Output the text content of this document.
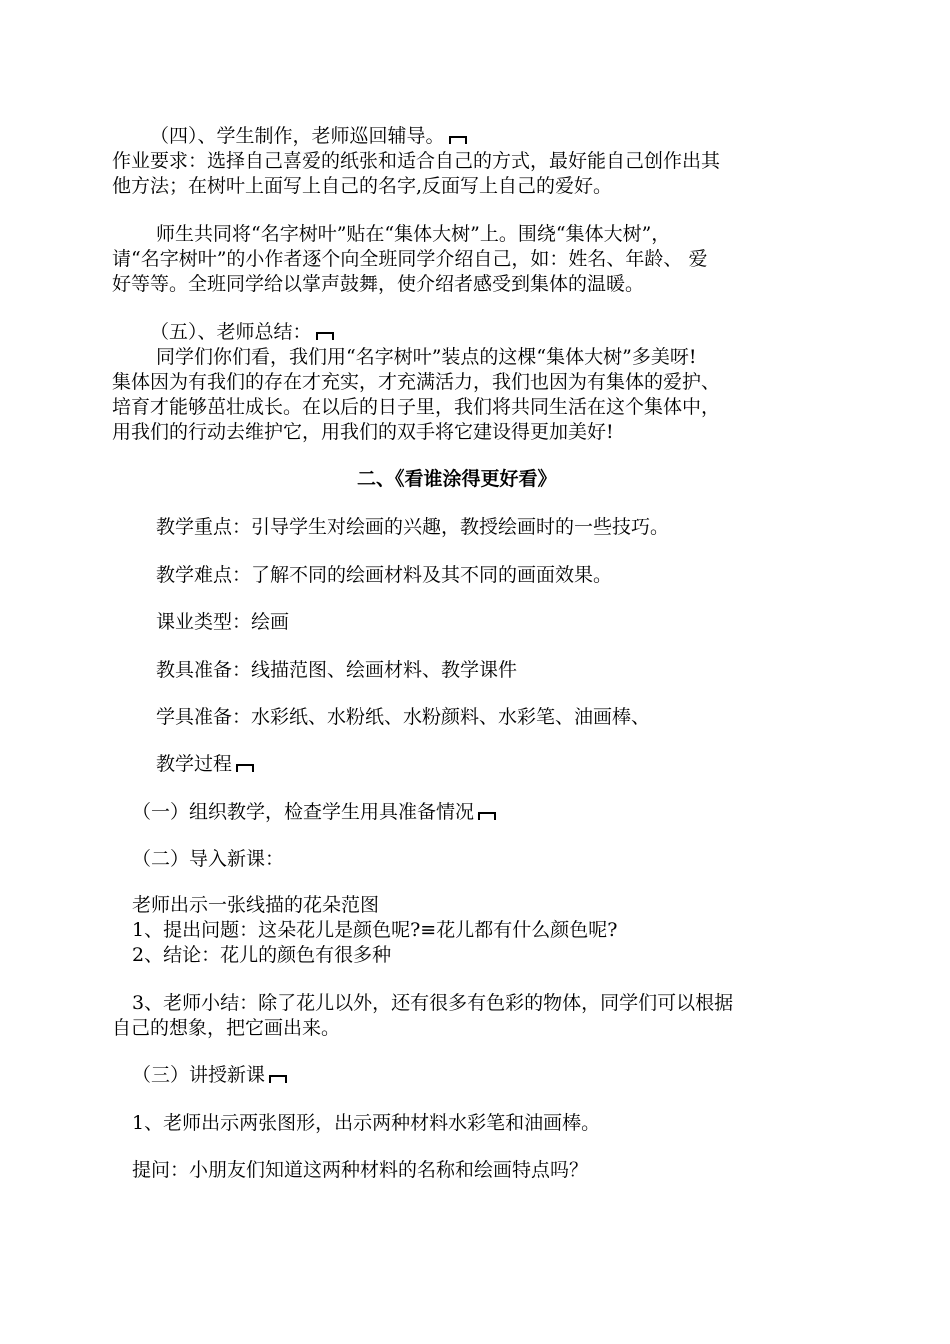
（四）、学生制作，老师巡回辅导。
作业要求：选择自己喜爱的纸张和适合自己的方式，最好能自己创作出其
他方法；在树叶上面写上自己的名字,反面写上自己的爱好。
师生共同将“名字树叶”贴在“集体大树”上。围绕“集体大树”，
请“名字树叶”的小作者逐个向全班同学介绍自己，如：姓名、年龄、 爱
好等等。全班同学给以掌声鼓舞，使介绍者感受到集体的温暖。
（五）、老师总结：
同学们你们看，我们用“名字树叶”装点的这棵“集体大树”多美呀!
集体因为有我们的存在才充实，才充满活力，我们也因为有集体的爱护、
培育才能够茁壮成长。在以后的日子里，我们将共同生活在这个集体中，
用我们的行动去维护它，用我们的双手将它建设得更加美好!
二、《看谁涂得更好看》
教学重点：引导学生对绘画的兴趣，教授绘画时的一些技巧。
教学难点：了解不同的绘画材料及其不同的画面效果。
课业类型：绘画
教具准备：线描范图、绘画材料、教学课件
学具准备：水彩纸、水粉纸、水粉颜料、水彩笔、油画棒、
教学过程
（一）组织教学，检查学生用具准备情况
（二）导入新课：
老师出示一张线描的花朵范图
1、提出问题：这朵花儿是颜色呢?≡花儿都有什么颜色呢?
2、结论：花儿的颜色有很多种
3、老师小结：除了花儿以外，还有很多有色彩的物体，同学们可以根据
自己的想象，把它画出来。
（三）讲授新课
1、老师出示两张图形，出示两种材料水彩笔和油画棒。
提问：小朋友们知道这两种材料的名称和绘画特点吗？
